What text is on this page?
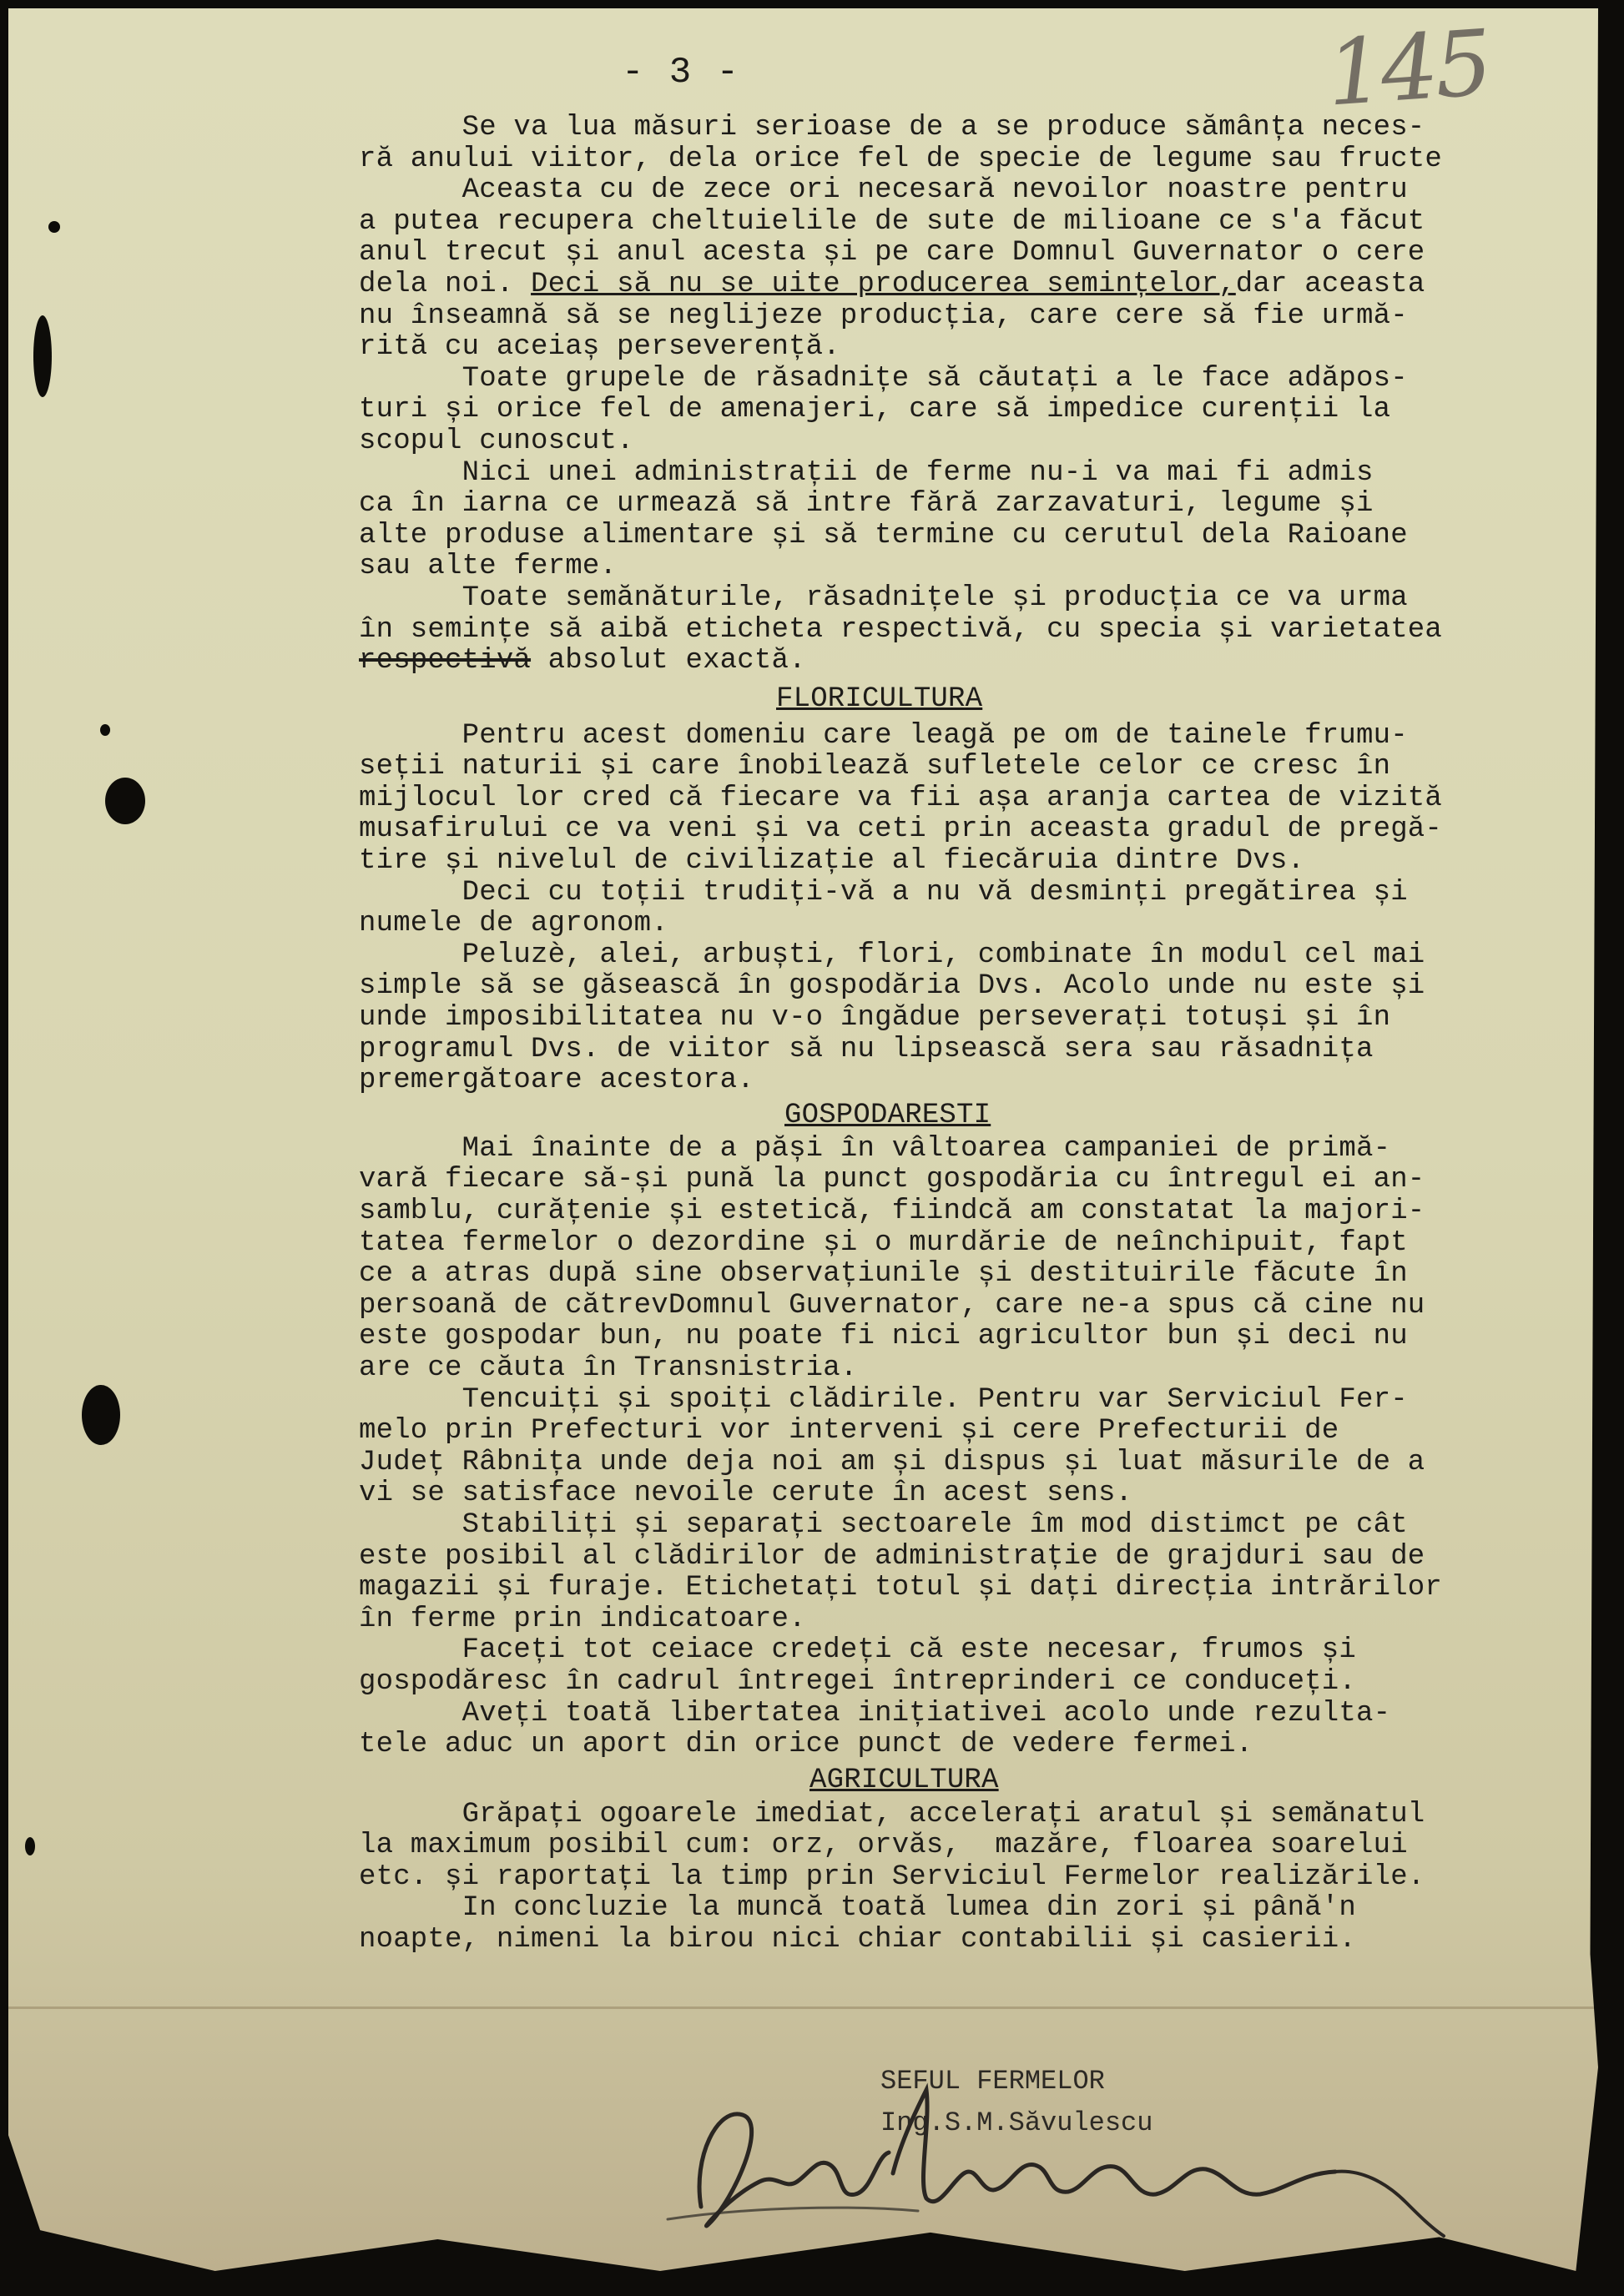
145
- 3 -
Se va lua măsuri serioase de a se produce sămânța neces-
ră anului viitor, dela orice fel de specie de legume sau fructe
Aceasta cu de zece ori necesară nevoilor noastre pentru
a putea recupera cheltuielile de sute de milioane ce s'a făcut
anul trecut și anul acesta și pe care Domnul Guvernator o cere
dela noi. Deci să nu se uite producerea semințelor,dar aceasta
nu înseamnă să se neglijeze producția, care cere să fie urmă-
rită cu aceiaș perseverență.
Toate grupele de răsadnițe să căutați a le face adăpos-
turi și orice fel de amenajeri, care să impedice curenții la
scopul cunoscut.
Nici unei administrații de ferme nu-i va mai fi admis
ca în iarna ce urmează să intre fără zarzavaturi, legume și
alte produse alimentare și să termine cu cerutul dela Raioane
sau alte ferme.
Toate semănăturile, răsadnițele și producția ce va urma
în semințe să aibă eticheta respectivă, cu specia și varietatea
respectivă absolut exactă.
FLORICULTURA
Pentru acest domeniu care leagă pe om de tainele frumu-
seții naturii și care înobilează sufletele celor ce cresc în
mijlocul lor cred că fiecare va fii așa aranja cartea de vizită
musafirului ce va veni și va ceti prin aceasta gradul de pregă-
tire și nivelul de civilizație al fiecăruia dintre Dvs.
Deci cu toții trudiți-vă a nu vă desminți pregătirea și
numele de agronom.
Peluzè, alei, arbuști, flori, combinate în modul cel mai
simple să se găsească în gospodăria Dvs. Acolo unde nu este și
unde imposibilitatea nu v-o îngădue perseverați totuși și în
programul Dvs. de viitor să nu lipsească sera sau răsadnița
premergătoare acestora.
GOSPODARESTI
Mai înainte de a păși în vâltoarea campaniei de primă-
vară fiecare să-și pună la punct gospodăria cu întregul ei an-
samblu, curățenie și estetică, fiindcă am constatat la majori-
tatea fermelor o dezordine și o murdărie de neînchipuit, fapt
ce a atras după sine observațiunile și destituirile făcute în
persoană de cătrevDomnul Guvernator, care ne-a spus că cine nu
este gospodar bun, nu poate fi nici agricultor bun și deci nu
are ce căuta în Transnistria.
Tencuiți și spoiți clădirile. Pentru var Serviciul Fer-
melo prin Prefecturi vor interveni și cere Prefecturii de
Județ Râbnița unde deja noi am și dispus și luat măsurile de a
vi se satisface nevoile cerute în acest sens.
Stabiliți și separați sectoarele îm mod distimct pe cât
este posibil al clădirilor de administrație de grajduri sau de
magazii și furaje. Etichetați totul și dați direcția intrărilor
în ferme prin indicatoare.
Faceți tot ceiace credeți că este necesar, frumos și
gospodăresc în cadrul întregei întreprinderi ce conduceți.
Aveți toată libertatea inițiativei acolo unde rezulta-
tele aduc un aport din orice punct de vedere fermei.
AGRICULTURA
Grăpați ogoarele imediat, accelerați aratul și semănatul
la maximum posibil cum: orz, orvăs,  mazăre, floarea soarelui
etc. și raportați la timp prin Serviciul Fermelor realizările.
In concluzie la muncă toată lumea din zori și până'n
noapte, nimeni la birou nici chiar contabilii și casierii.
SEFUL FERMELOR
Ing.S.M.Săvulescu
